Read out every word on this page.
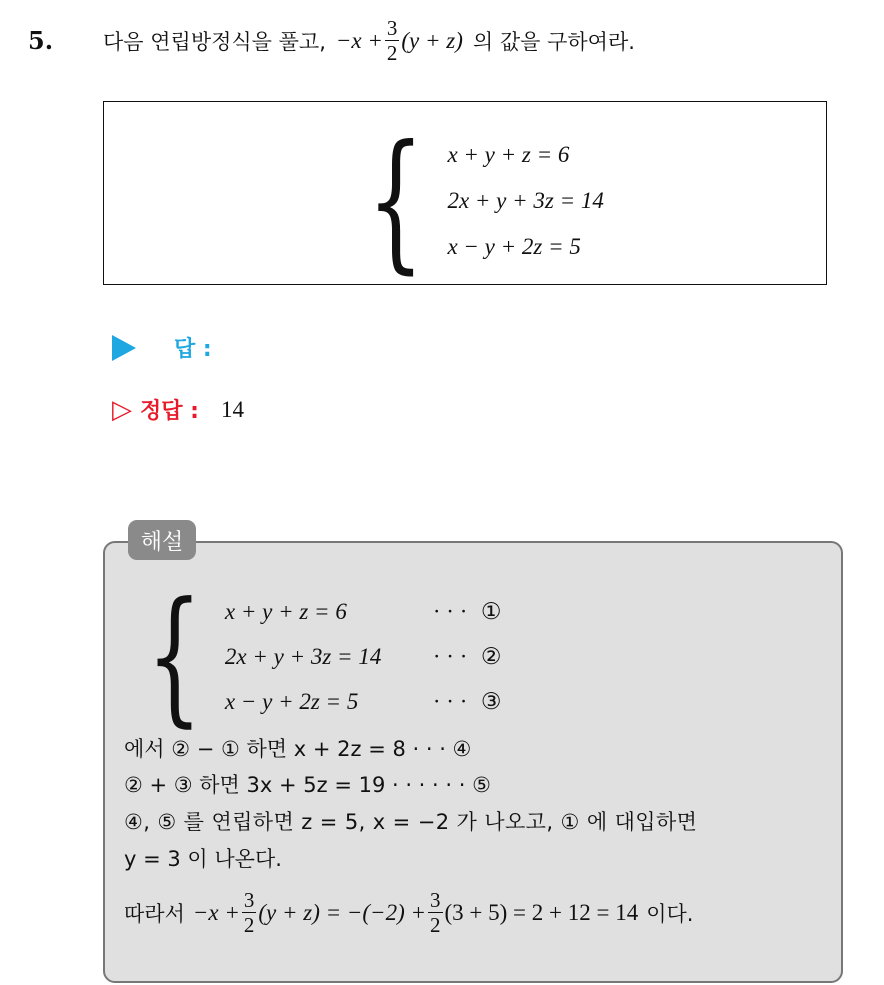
5. 다음 연립방정식을 풀고, $-x + \frac{3}{2} (y + z)$ 의 값을 구하여라.
{ x + y + z = 6
2x + y + 3z = 14
x − y + 2z = 5
답 :
▷ 정답 : 14
해설
{ x + y + z = 6	· · · ①
2x + y + 3z = 14 · · · ②
x − y + 2z = 5	· · · ③
에서 ② − ① 하면 x + 2z = 8 · · · ④
② + ③ 하면 3x + 5z = 19 · · · · · · ⑤
④, ⑤ 를 연립하면 z = 5, x = −2 가 나오고, ① 에 대입하면
y = 3 이 나온다.
따라서 $-x + \frac{3}{2} (y + z) = -(-2) + \frac{3}{2} (3 + 5) = 2 + 12 = 14$ 이다.
